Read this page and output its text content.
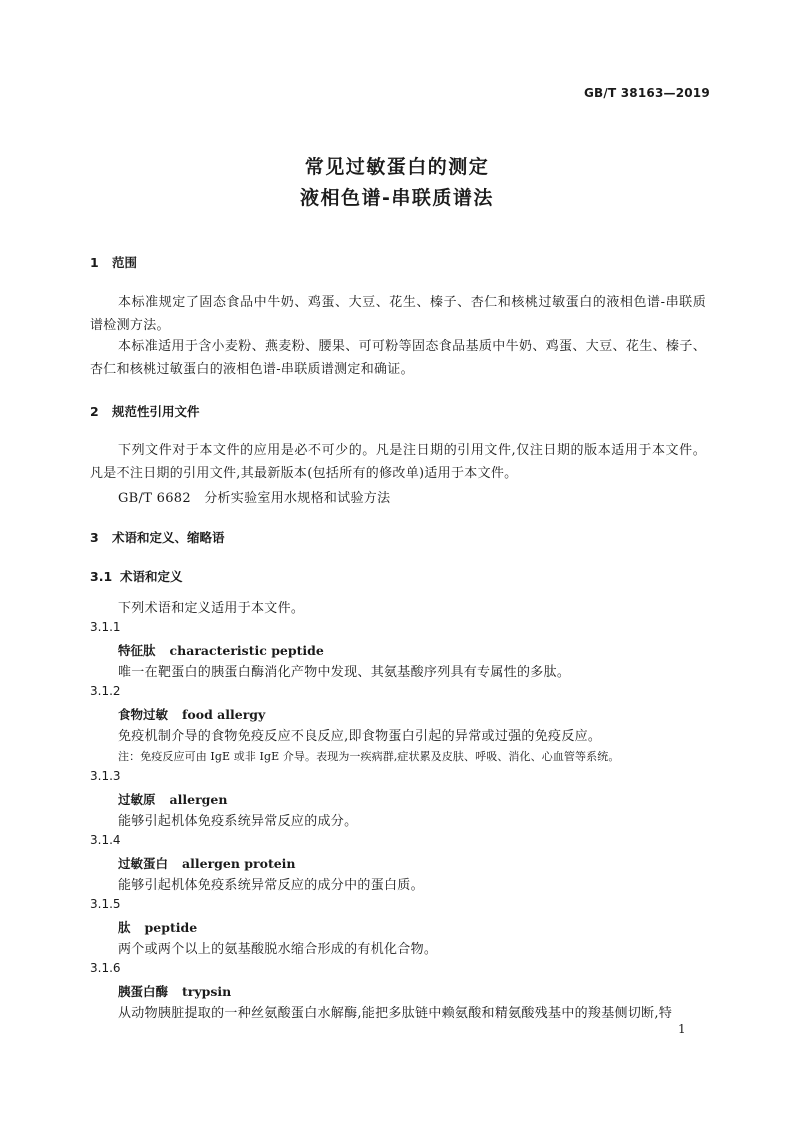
GB/T 38163—2019
常见过敏蛋白的测定
液相色谱-串联质谱法
1 范围
本标准规定了固态食品中牛奶、鸡蛋、大豆、花生、榛子、杏仁和核桃过敏蛋白的液相色谱-串联质谱检测方法。
本标准适用于含小麦粉、燕麦粉、腰果、可可粉等固态食品基质中牛奶、鸡蛋、大豆、花生、榛子、杏仁和核桃过敏蛋白的液相色谱-串联质谱测定和确证。
2 规范性引用文件
下列文件对于本文件的应用是必不可少的。凡是注日期的引用文件,仅注日期的版本适用于本文件。凡是不注日期的引用文件,其最新版本(包括所有的修改单)适用于本文件。
GB/T 6682　分析实验室用水规格和试验方法
3 术语和定义、缩略语
3.1 术语和定义
下列术语和定义适用于本文件。
3.1.1
特征肽 characteristic peptide
唯一在靶蛋白的胰蛋白酶消化产物中发现、其氨基酸序列具有专属性的多肽。
3.1.2
食物过敏 food allergy
免疫机制介导的食物免疫反应不良反应,即食物蛋白引起的异常或过强的免疫反应。
注：免疫反应可由 IgE 或非 IgE 介导。表现为一疾病群,症状累及皮肤、呼吸、消化、心血管等系统。
3.1.3
过敏原 allergen
能够引起机体免疫系统异常反应的成分。
3.1.4
过敏蛋白 allergen protein
能够引起机体免疫系统异常反应的成分中的蛋白质。
3.1.5
肽 peptide
两个或两个以上的氨基酸脱水缩合形成的有机化合物。
3.1.6
胰蛋白酶 trypsin
从动物胰脏提取的一种丝氨酸蛋白水解酶,能把多肽链中赖氨酸和精氨酸残基中的羧基侧切断,特
1
